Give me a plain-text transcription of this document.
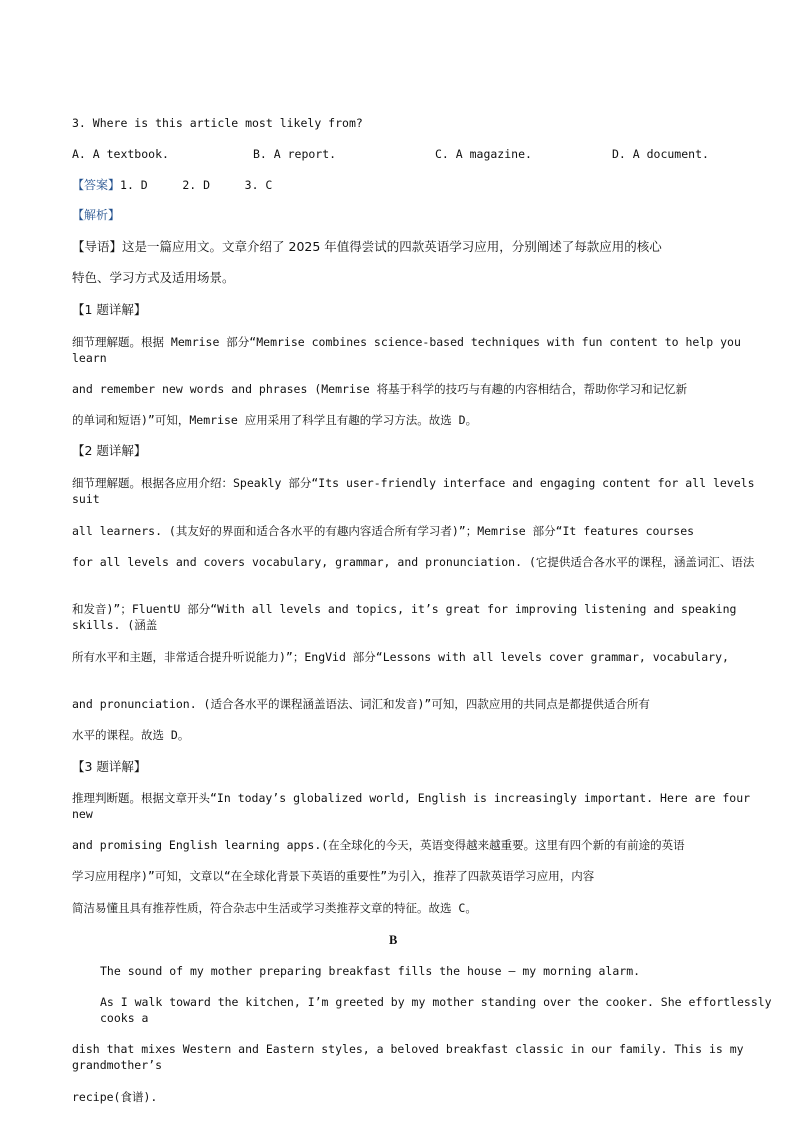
3. Where is this article most likely from?
A. A textbook.	B. A report.	C. A magazine.	D. A document.
【答案】1. D     2. D     3. C
【解析】
【导语】这是一篇应用文。文章介绍了 2025 年值得尝试的四款英语学习应用，分别阐述了每款应用的核心
特色、学习方式及适用场景。
【1 题详解】
细节理解题。根据 Memrise 部分“Memrise combines science-based techniques with fun content to help you learn
and remember new words and phrases (Memrise 将基于科学的技巧与有趣的内容相结合，帮助你学习和记忆新
的单词和短语)”可知，Memrise 应用采用了科学且有趣的学习方法。故选 D。
【2 题详解】
细节理解题。根据各应用介绍：Speakly 部分“Its user-friendly interface and engaging content for all levels suit
all learners. (其友好的界面和适合各水平的有趣内容适合所有学习者)”；Memrise 部分“It features courses
for all levels and covers vocabulary, grammar, and pronunciation. (它提供适合各水平的课程，涵盖词汇、语法
和发音)”；FluentU 部分“With all levels and topics, it’s great for improving listening and speaking skills. (涵盖
所有水平和主题，非常适合提升听说能力)”；EngVid 部分“Lessons with all levels cover grammar, vocabulary,
and pronunciation. (适合各水平的课程涵盖语法、词汇和发音)”可知，四款应用的共同点是都提供适合所有
水平的课程。故选 D。
【3 题详解】
推理判断题。根据文章开头“In today’s globalized world, English is increasingly important. Here are four new
and promising English learning apps.(在全球化的今天，英语变得越来越重要。这里有四个新的有前途的英语
学习应用程序)”可知，文章以“在全球化背景下英语的重要性”为引入，推荐了四款英语学习应用，内容
简洁易懂且具有推荐性质，符合杂志中生活或学习类推荐文章的特征。故选 C。
B
The sound of my mother preparing breakfast fills the house — my morning alarm.
As I walk toward the kitchen, I’m greeted by my mother standing over the cooker. She effortlessly cooks a
dish that mixes Western and Eastern styles, a beloved breakfast classic in our family. This is my grandmother’s
recipe(食谱).
